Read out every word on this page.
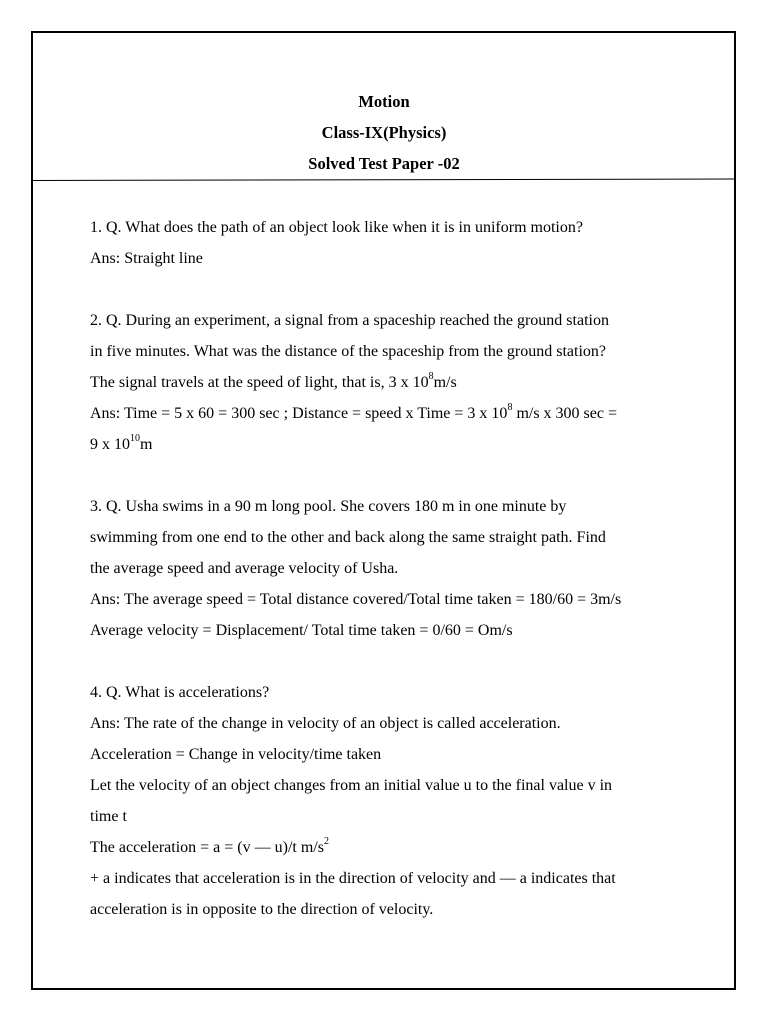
Motion
Class-IX(Physics)
Solved Test Paper -02
1. Q. What does the path of an object look like when it is in uniform motion?
Ans: Straight line
2. Q. During an experiment, a signal from a spaceship reached the ground station
in five minutes. What was the distance of the spaceship from the ground station?
The signal travels at the speed of light, that is, 3 x $10^8m/s$
Ans: Time = 5 x 60 = 300 sec ; Distance = speed x Time = 3 x $10^8$ m/s x 300 sec =
9 x $10^{10}m$
3. Q. Usha swims in a 90 m long pool. She covers 180 m in one minute by
swimming from one end to the other and back along the same straight path. Find
the average speed and average velocity of Usha.
Ans: The average speed = Total distance covered/Total time taken = 180/60 = 3m/s
Average velocity = Displacement/ Total time taken = 0/60 = Om/s
4. Q. What is accelerations?
Ans: The rate of the change in velocity of an object is called acceleration.
Acceleration = Change in velocity/time taken
Let the velocity of an object changes from an initial value u to the final value v in
time t
The acceleration = a = (v — u)/t $m/s^2$
+ a indicates that acceleration is in the direction of velocity and — a indicates that
acceleration is in opposite to the direction of velocity.
